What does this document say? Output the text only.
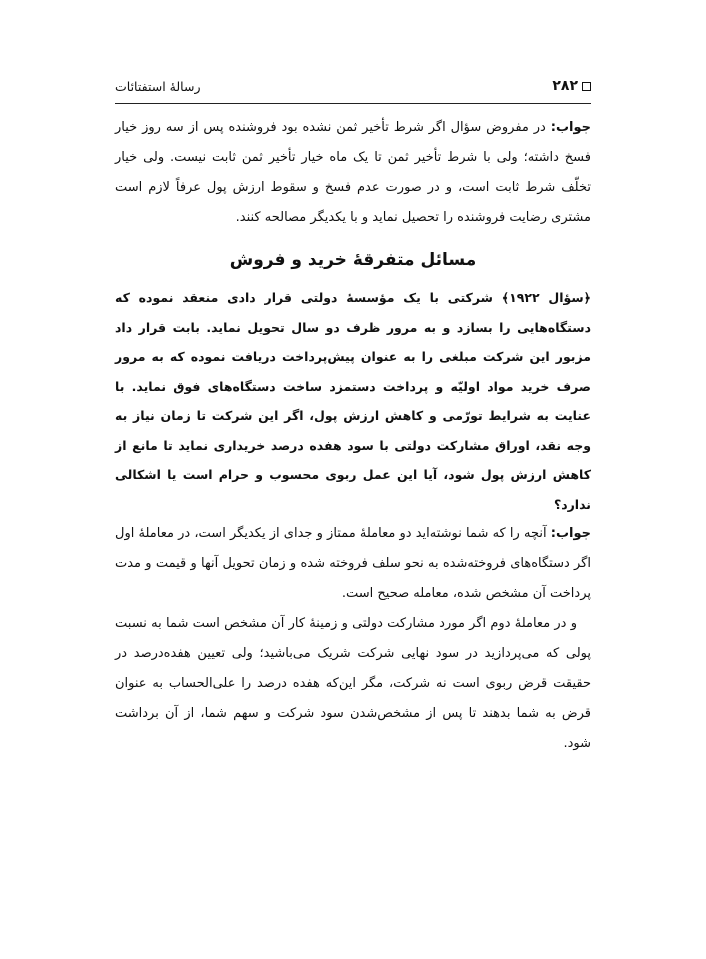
٢٨٢
رسالهٔ استفتائات

جواب: در مفروض سؤال اگر شرط تأخیر ثمن نشده بود فروشنده پس از سه روز خیار فسخ داشته؛ ولی با شرط تأخیر ثمن تا یک ماه خیار تأخیر ثمن ثابت نیست. ولی خیار تخلّف شرط ثابت است، و در صورت عدم فسخ و سقوط ارزش پول عرفاً لازم است مشتری رضایت فروشنده را تحصیل نماید و با یکدیگر مصالحه کنند.

مسائل متفرقهٔ خرید و فروش

﴿سؤال ١٩٢٢﴾ شرکتی با یک مؤسسهٔ دولتی قرار دادی منعقد نموده که دستگاه‌هایی را بسازد و به مرور ظرف دو سال تحویل نماید. بابت قرار داد مزبور این شرکت مبلغی را به عنوان پیش‌پرداخت دریافت نموده که به مرور صرف خرید مواد اولیّه و پرداخت دستمزد ساخت دستگاه‌های فوق نماید. با عنایت به شرایط تورّمی و کاهش ارزش پول، اگر این شرکت تا زمان نیاز به وجه نقد، اوراق مشارکت دولتی با سود هفده درصد خریداری نماید تا مانع از کاهش ارزش پول شود، آیا این عمل ربوی محسوب و حرام است یا اشکالی ندارد؟

جواب: آنچه را که شما نوشته‌اید دو معاملهٔ ممتاز و جدای از یکدیگر است، در معاملهٔ اول اگر دستگاه‌های فروخته‌شده به نحو سلف فروخته شده و زمان تحویل آنها و قیمت و مدت پرداخت آن مشخص شده، معامله صحیح است.

و در معاملهٔ دوم اگر مورد مشارکت دولتی و زمینهٔ کار آن مشخص است شما به نسبت پولی که می‌پردازید در سود نهایی شرکت شریک می‌باشید؛ ولی تعیین هفده‌درصد در حقیقت قرض ربوی است نه شرکت، مگر این‌که هفده درصد را علی‌الحساب به عنوان قرض به شما بدهند تا پس از مشخص‌شدن سود شرکت و سهم شما، از آن برداشت شود.
